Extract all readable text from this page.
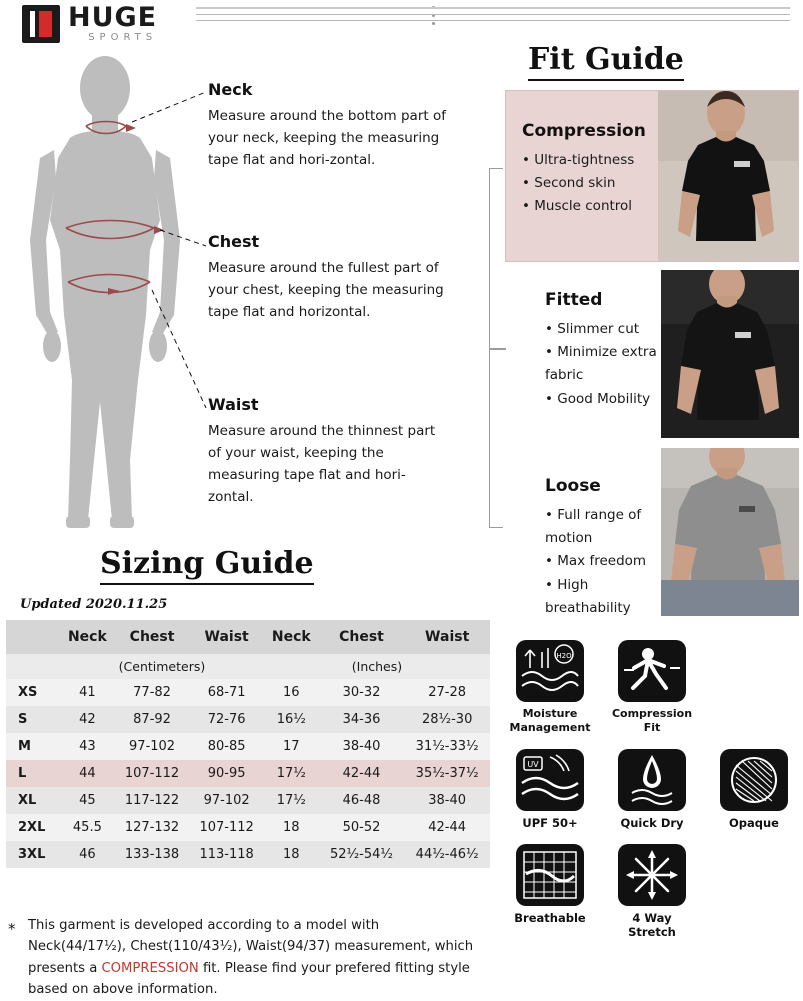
HUGE
SPORTS
Neck
Measure around the bottom part of your neck, keeping the measuring tape flat and hori-zontal.
Chest
Measure around the fullest part of your chest, keeping the measuring tape flat and horizontal.
Waist
Measure around the thinnest part of your waist, keeping the measuring tape flat and hori-zontal.
Sizing Guide
Updated 2020.11.25
	Neck	Chest	Waist	Neck	Chest	Waist
	(Centimeters)			(Inches)		
XS	41	77-82	68-71	16	30-32	27-28
S	42	87-92	72-76	16¹⁄₂	34-36	28¹⁄₂-30
M	43	97-102	80-85	17	38-40	31¹⁄₂-33¹⁄₂
L	44	107-112	90-95	17¹⁄₂	42-44	35¹⁄₂-37¹⁄₂
XL	45	117-122	97-102	17¹⁄₂	46-48	38-40
2XL	45.5	127-132	107-112	18	50-52	42-44
3XL	46	133-138	113-118	18	52¹⁄₂-54¹⁄₂	44¹⁄₂-46¹⁄₂
* This garment is developed according to a model with Neck(44/17¹⁄₂), Chest(110/43¹⁄₂), Waist(94/37) measurement, which presents a COMPRESSION fit. Please find your prefered fitting style based on above information.
Fit Guide
Compression
• Ultra-tightness
• Second skin
• Muscle control
Fitted
• Slimmer cut
• Minimize extra
fabric
• Good Mobility
Loose
• Full range of
motion
• Max freedom
• High breathability
H2O
Moisture Management
Compression Fit
UV
UPF 50+	Quick Dry	Opaque
Breathable	4 Way Stretch
